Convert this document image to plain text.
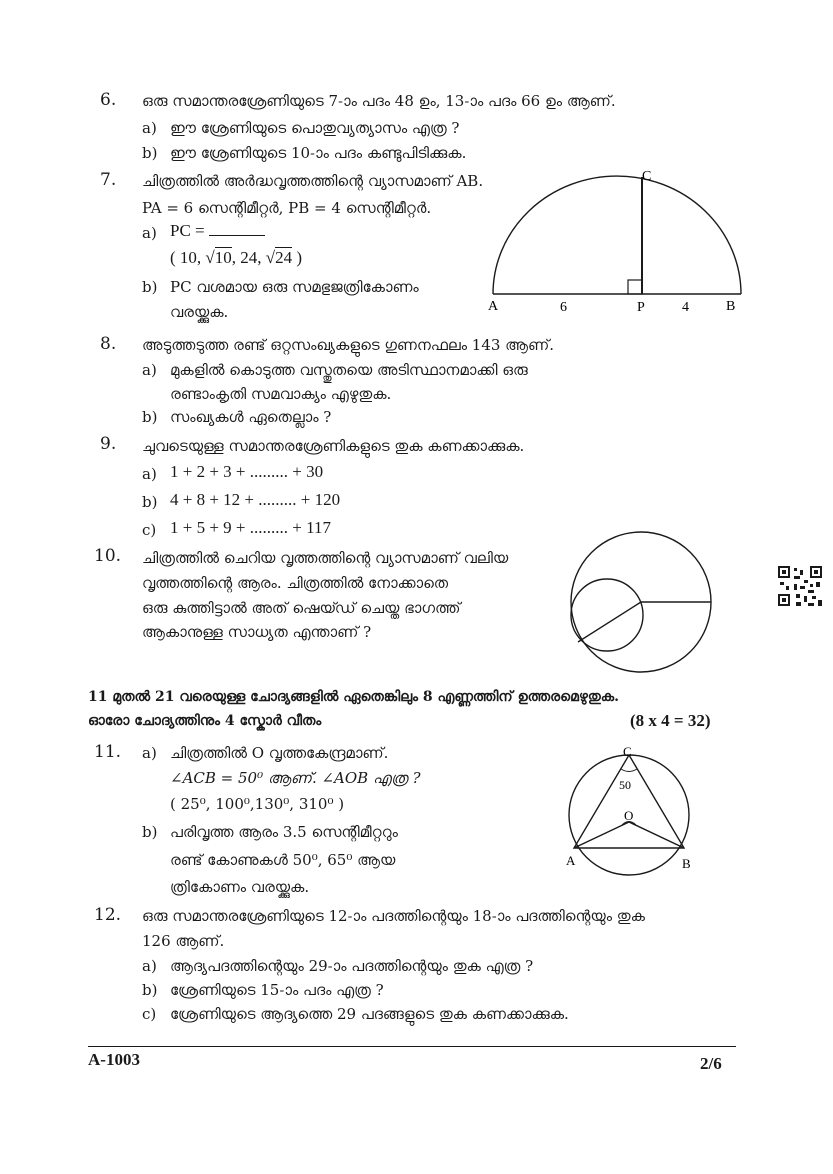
6. ഒരു സമാന്തരശ്രേണിയുടെ 7-ാം പദം 48 ഉം, 13-ാം പദം 66 ഉം ആണ്.
a) ഈ ശ്രേണിയുടെ പൊതുവ്യത്യാസം എത്ര ?
b) ഈ ശ്രേണിയുടെ 10-ാം പദം കണ്ടുപിടിക്കുക.
7. ചിത്രത്തിൽ അർദ്ധവൃത്തത്തിന്റെ വ്യാസമാണ് AB.
PA = 6 സെന്റിമീറ്റർ, PB = 4 സെന്റിമീറ്റർ.
a) PC =
( 10, √10, 24, √24 )
b) PC വശമായ ഒരു സമഭുജത്രികോണം
വരയ്ക്കുക.
C
A	6	P	4	B
8. അടുത്തടുത്ത രണ്ട് ഒറ്റസംഖ്യകളുടെ ഗുണനഫലം 143 ആണ്.
a) മുകളിൽ കൊടുത്ത വസ്തുതയെ അടിസ്ഥാനമാക്കി ഒരു
രണ്ടാംകൃതി സമവാക്യം എഴുതുക.
b) സംഖ്യകൾ ഏതെല്ലാം ?
9. ചുവടെയുള്ള സമാന്തരശ്രേണികളുടെ തുക കണക്കാക്കുക.
a) 1 + 2 + 3 + ......... + 30
b) 4 + 8 + 12 + ......... + 120
c) 1 + 5 + 9 + ......... + 117
10. ചിത്രത്തിൽ ചെറിയ വൃത്തത്തിന്റെ വ്യാസമാണ് വലിയ
വൃത്തത്തിന്റെ ആരം. ചിത്രത്തിൽ നോക്കാതെ
ഒരു കുത്തിട്ടാൽ അത് ഷെയ്ഡ് ചെയ്ത ഭാഗത്ത്
ആകാനുള്ള സാധ്യത എന്താണ് ?
11 മുതൽ 21 വരെയുള്ള ചോദ്യങ്ങളിൽ ഏതെങ്കിലും 8 എണ്ണത്തിന് ഉത്തരമെഴുതുക.
ഓരോ ചോദ്യത്തിനും 4 സ്കോർ വീതം	(8 x 4 = 32)
11. a) ചിത്രത്തിൽ O വൃത്തകേന്ദ്രമാണ്.
∠ACB = 50⁰ ആണ്. ∠AOB എത്ര ?
( 25⁰, 100⁰,130⁰, 310⁰ )
b) പരിവൃത്ത ആരം 3.5 സെന്റിമീറ്ററും
രണ്ട് കോണുകൾ 50⁰, 65⁰ ആയ
ത്രികോണം വരയ്ക്കുക.
C
50
O
A	B
12. ഒരു സമാന്തരശ്രേണിയുടെ 12-ാം പദത്തിന്റെയും 18-ാം പദത്തിന്റെയും തുക
126 ആണ്.
a) ആദ്യപദത്തിന്റെയും 29-ാം പദത്തിന്റെയും തുക എത്ര ?
b) ശ്രേണിയുടെ 15-ാം പദം എത്ര ?
c) ശ്രേണിയുടെ ആദ്യത്തെ 29 പദങ്ങളുടെ തുക കണക്കാക്കുക.
A-1003	2/6
